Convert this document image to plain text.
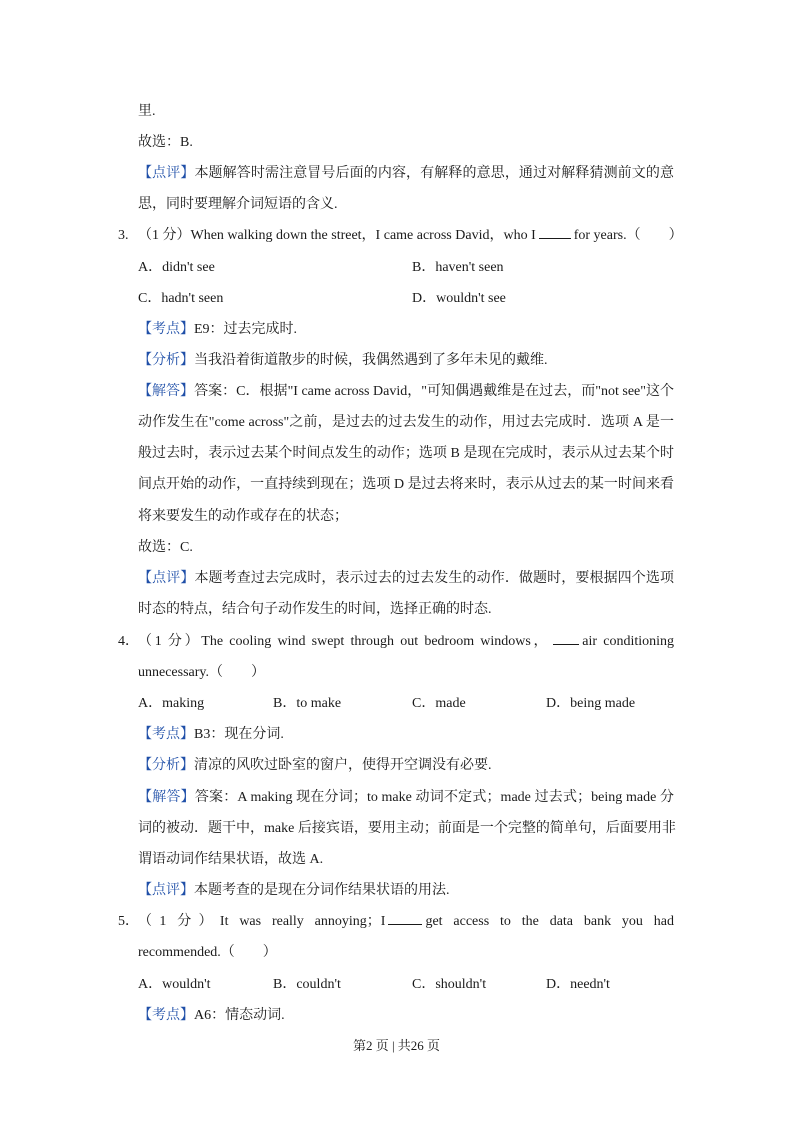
里.
故选：B.
【点评】本题解答时需注意冒号后面的内容，有解释的意思，通过对解释猜测前文的意
思，同时要理解介词短语的含义.
3. （1 分）When walking down the street，I came across David，who I	for years.（　　）
A．didn't see	B．haven't seen
C．hadn't seen	D．wouldn't see
【考点】E9：过去完成时.
【分析】当我沿着街道散步的时候，我偶然遇到了多年未见的戴维.
【解答】答案：C．根据"I came across David，"可知偶遇戴维是在过去，而"not see"这个
动作发生在"come across"之前，是过去的过去发生的动作，用过去完成时．选项 A 是一
般过去时，表示过去某个时间点发生的动作；选项 B 是现在完成时，表示从过去某个时
间点开始的动作，一直持续到现在；选项 D 是过去将来时，表示从过去的某一时间来看
将来要发生的动作或存在的状态；
故选：C.
【点评】本题考查过去完成时，表示过去的过去发生的动作．做题时，要根据四个选项
时态的特点，结合句子动作发生的时间，选择正确的时态.
4． （1 分）The cooling wind swept through out bedroom windows， air conditioning
unnecessary.（　　）
A．making	B．to make	C．made	D．being made
【考点】B3：现在分词.
【分析】清凉的风吹过卧室的窗户，使得开空调没有必要.
【解答】答案：A making 现在分词；to make 动词不定式；made 过去式；being made 分
词的被动．题干中，make 后接宾语，要用主动；前面是一个完整的简单句，后面要用非
谓语动词作结果状语，故选 A.
【点评】本题考查的是现在分词作结果状语的用法.
5． （1 分）It was really annoying；I	get access to the data bank you had
recommended.（　　）
A．wouldn't	B．couldn't	C．shouldn't	D．needn't
【考点】A6：情态动词.
第2 页 | 共26 页
